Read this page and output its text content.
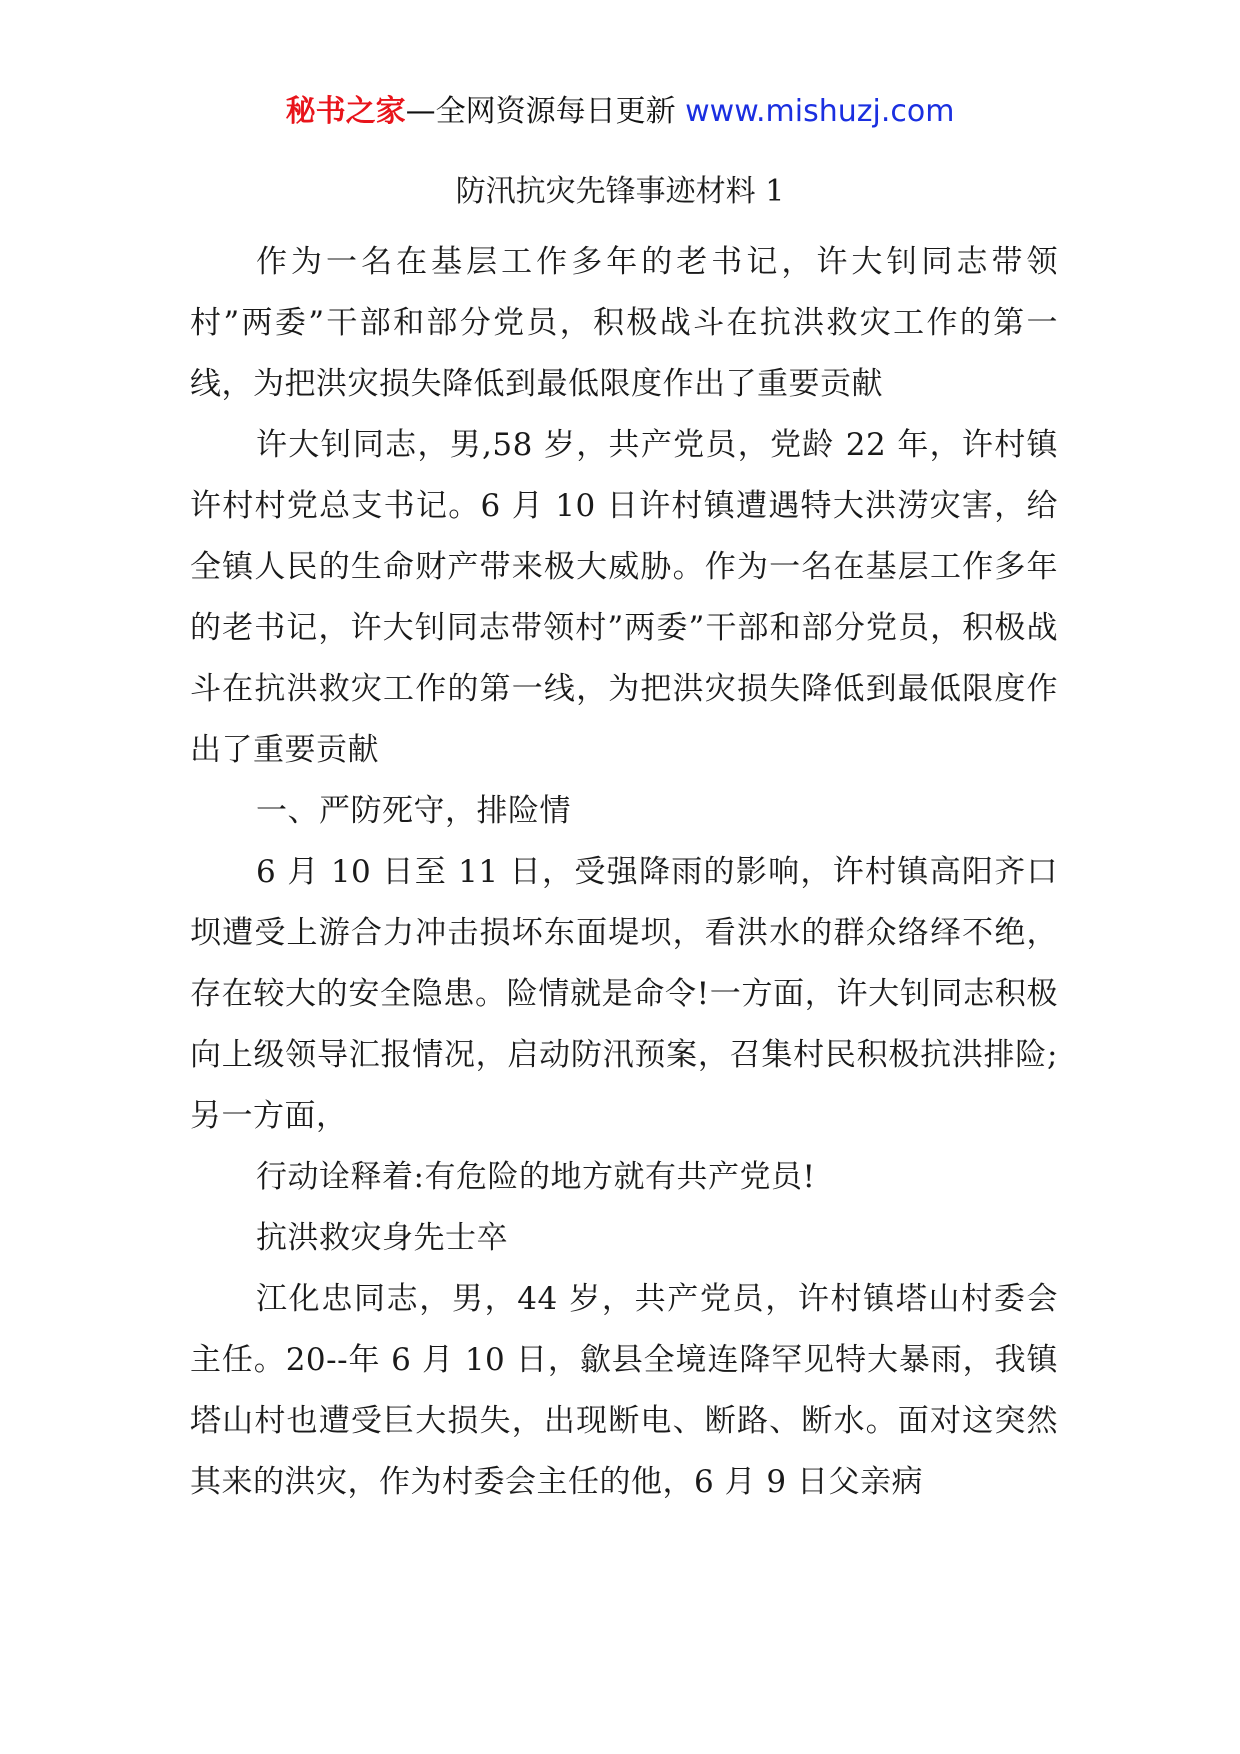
秘书之家—全网资源每日更新 www.mishuzj.com
防汛抗灾先锋事迹材料 1

作为一名在基层工作多年的老书记，许大钊同志带领村”两委”干部和部分党员，积极战斗在抗洪救灾工作的第一线，为把洪灾损失降低到最低限度作出了重要贡献

许大钊同志，男,58 岁，共产党员，党龄 22 年，许村镇许村村党总支书记。6 月 10 日许村镇遭遇特大洪涝灾害，给全镇人民的生命财产带来极大威胁。作为一名在基层工作多年的老书记，许大钊同志带领村”两委”干部和部分党员，积极战斗在抗洪救灾工作的第一线，为把洪灾损失降低到最低限度作出了重要贡献

一、严防死守，排险情

6 月 10 日至 11 日，受强降雨的影响，许村镇高阳齐口坝遭受上游合力冲击损坏东面堤坝，看洪水的群众络绎不绝，存在较大的安全隐患。险情就是命令!一方面，许大钊同志积极向上级领导汇报情况，启动防汛预案，召集村民积极抗洪排险;另一方面，

行动诠释着:有危险的地方就有共产党员!

抗洪救灾身先士卒

江化忠同志，男，44 岁，共产党员，许村镇塔山村委会主任。20--年 6 月 10 日，歙县全境连降罕见特大暴雨，我镇塔山村也遭受巨大损失，出现断电、断路、断水。面对这突然其来的洪灾，作为村委会主任的他，6 月 9 日父亲病
